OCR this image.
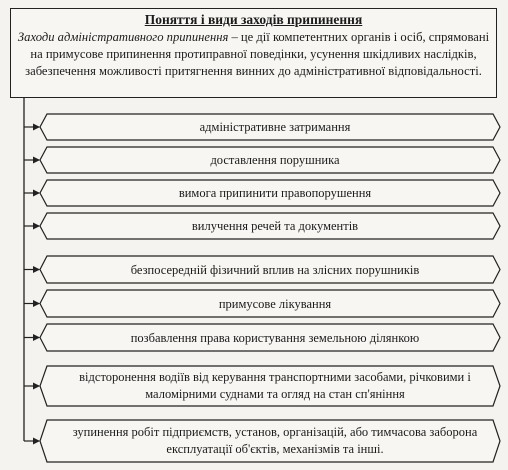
Поняття і види заходів припинення
Заходи адміністративного припинення – це дії компетентних органів і осіб, спрямовані на примусове припинення протиправної поведінки, усунення шкідливих наслідків, забезпечення можливості притягнення винних до адміністративної відповідальності.
адміністративне затримання
доставлення порушника
вимога припинити правопорушення
вилучення речей та документів
безпосередній фізичний вплив на злісних порушників
примусове лікування
позбавлення права користування земельною ділянкою
відсторонення водіїв від керування транспортними засобами, річковими і маломірними суднами та огляд на стан сп'яніння
зупинення робіт підприємств, установ, організацій, або тимчасова заборона експлуатації об'єктів, механізмів та інші.
